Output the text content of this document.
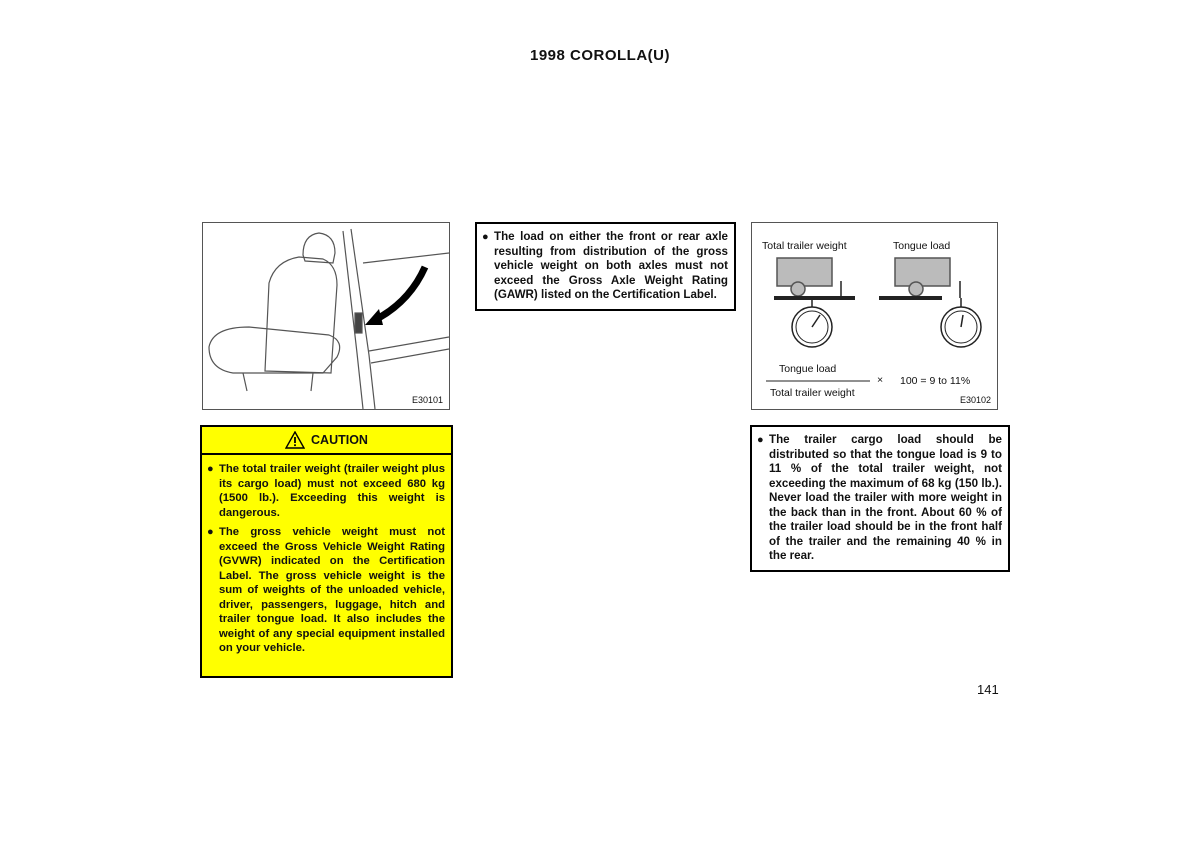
1998 COROLLA(U)
E30101
● The load on either the front or rear axle resulting from distribution of the gross vehicle weight on both axles must not exceed the Gross Axle Weight Rating (GAWR) listed on the Certification Label.
Total trailer weight	Tongue load
Tongue load
Total trailer weight
× 100 = 9 to 11%
E30102
CAUTION
● The total trailer weight (trailer weight plus its cargo load) must not exceed 680 kg (1500 lb.). Exceeding this weight is dangerous.
● The gross vehicle weight must not exceed the Gross Vehicle Weight Rating (GVWR) indicated on the Certification Label. The gross vehicle weight is the sum of weights of the unloaded vehicle, driver, passengers, luggage, hitch and trailer tongue load. It also includes the weight of any special equipment installed on your vehicle.
● The trailer cargo load should be distributed so that the tongue load is 9 to 11 % of the total trailer weight, not exceeding the maximum of 68 kg (150 lb.). Never load the trailer with more weight in the back than in the front. About 60 % of the trailer load should be in the front half of the trailer and the remaining 40 % in the rear.
141
